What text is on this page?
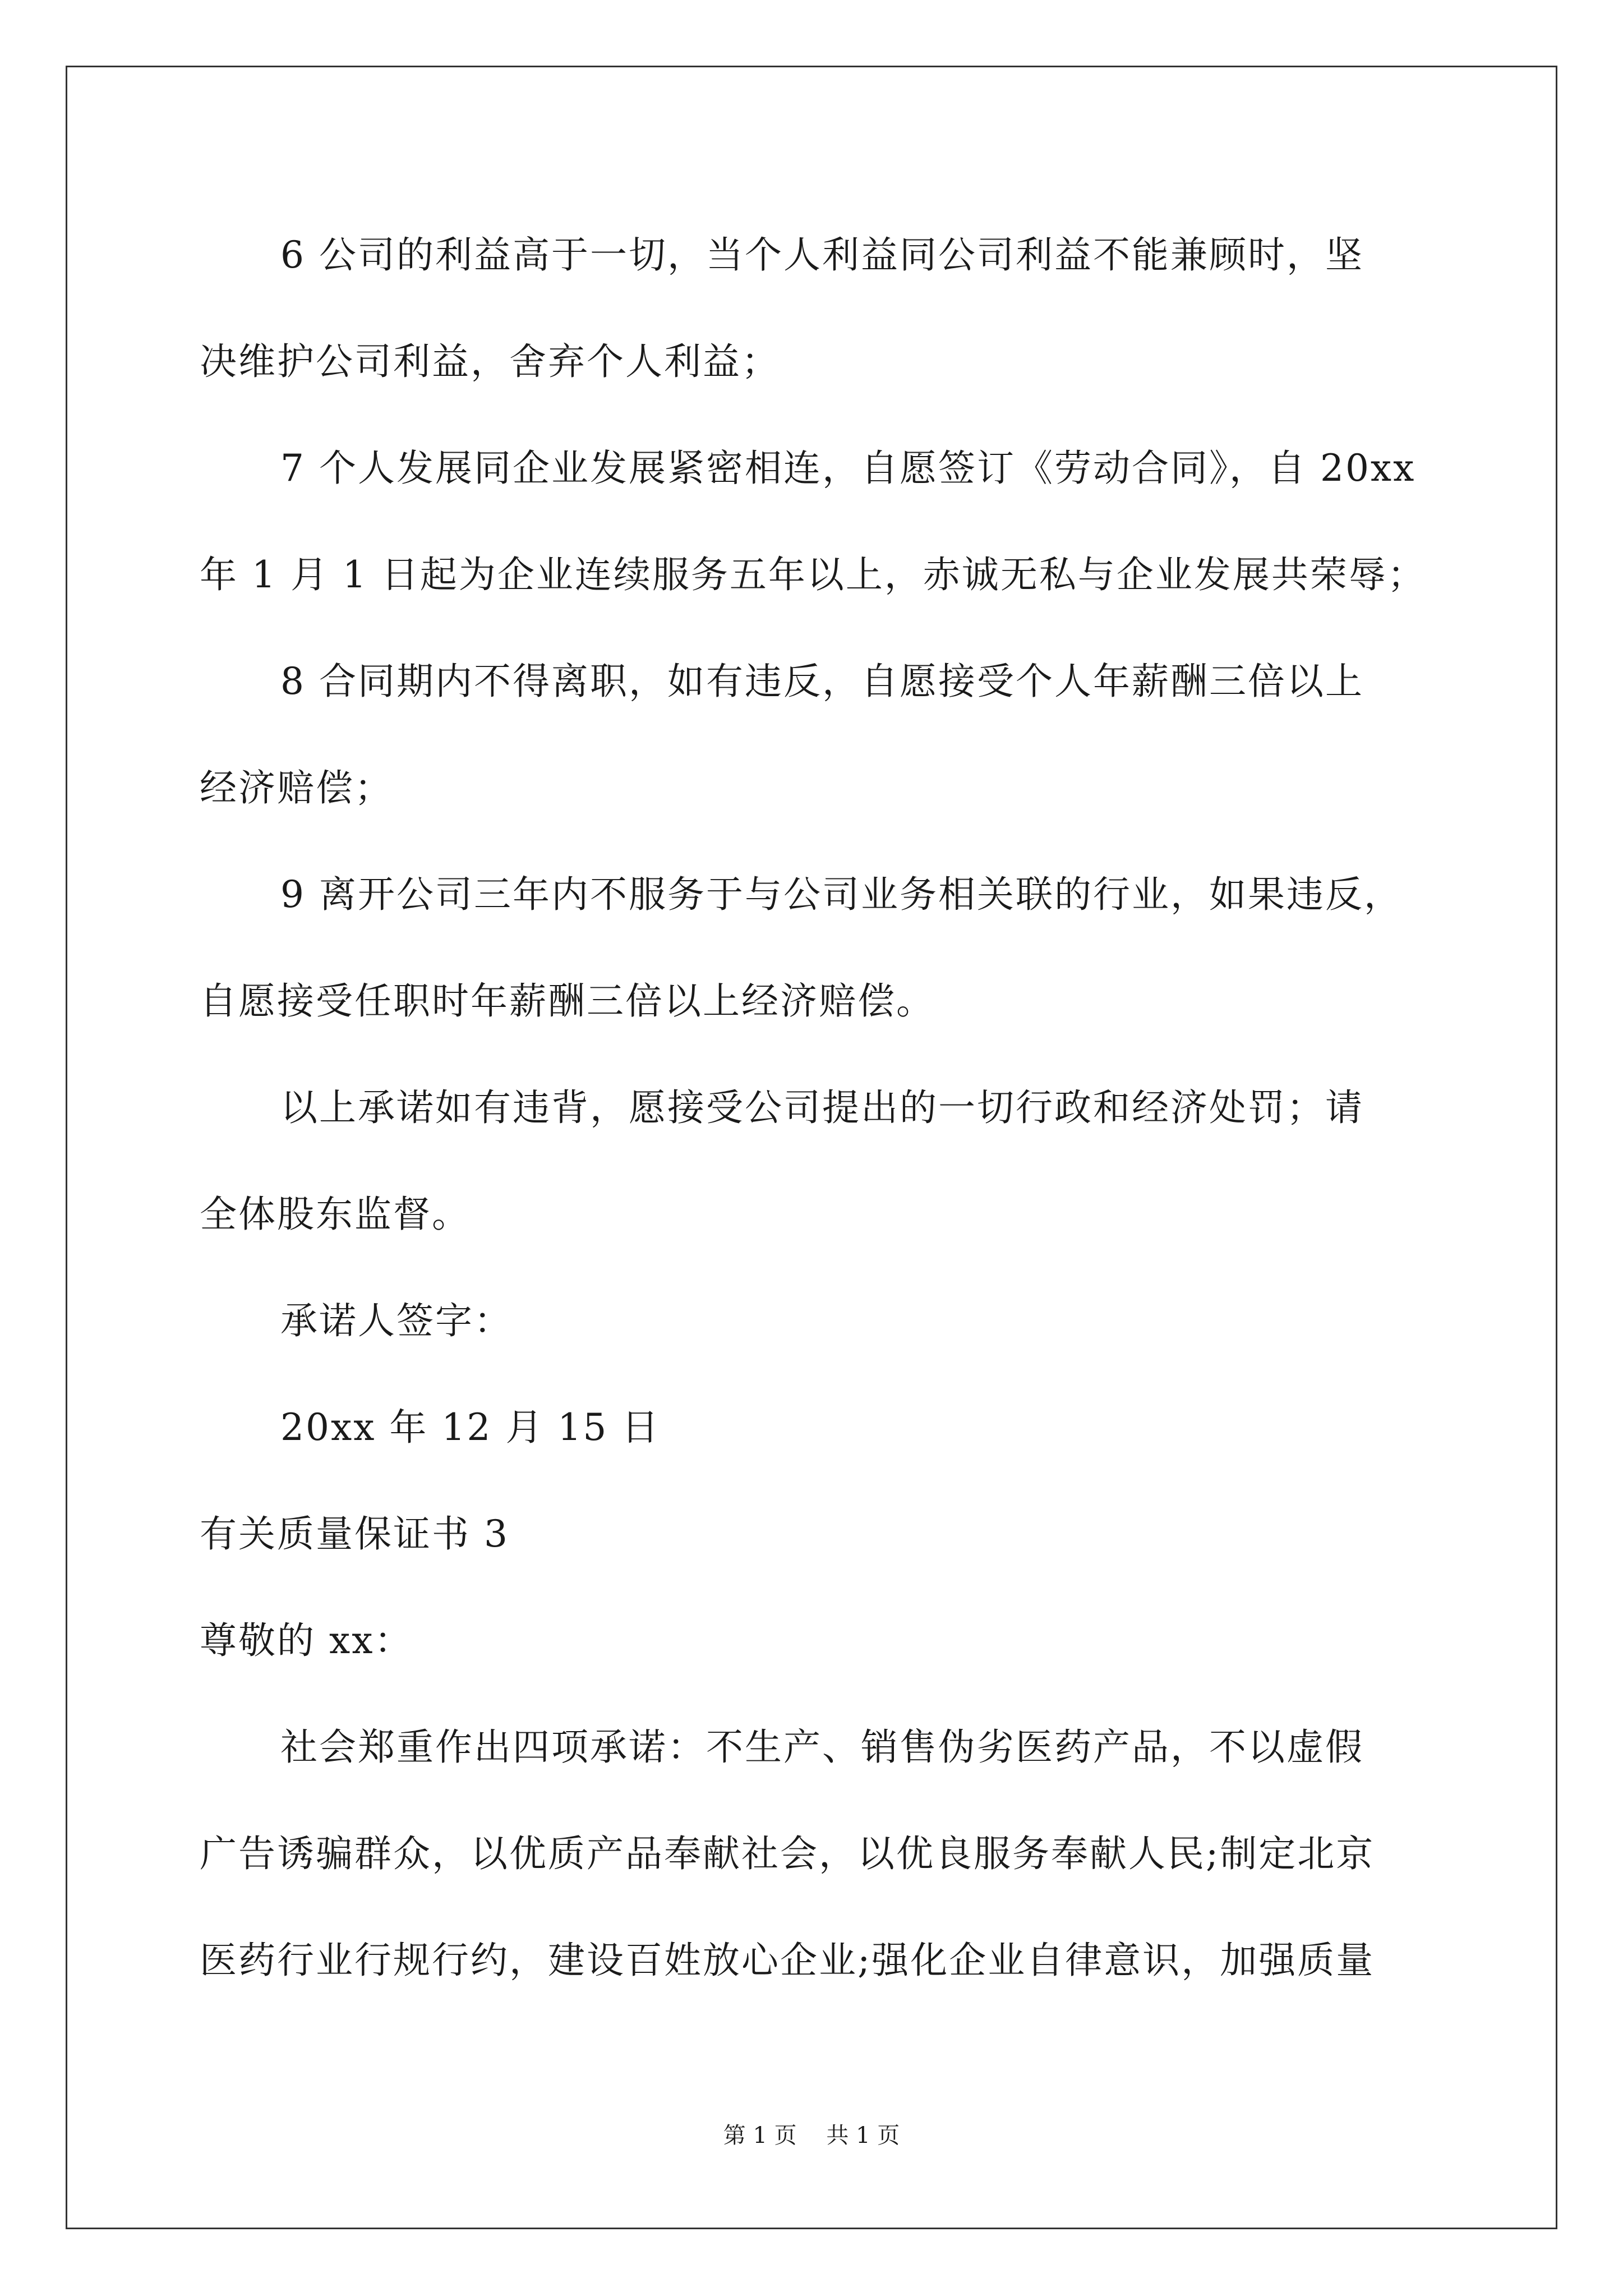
6 公司的利益高于一切，当个人利益同公司利益不能兼顾时，坚

决维护公司利益，舍弃个人利益；

7 个人发展同企业发展紧密相连，自愿签订《劳动合同》，自 20xx

年 1 月 1 日起为企业连续服务五年以上，赤诚无私与企业发展共荣辱；

8 合同期内不得离职，如有违反，自愿接受个人年薪酬三倍以上

经济赔偿；

9 离开公司三年内不服务于与公司业务相关联的行业，如果违反，

自愿接受任职时年薪酬三倍以上经济赔偿。

以上承诺如有违背，愿接受公司提出的一切行政和经济处罚；请

全体股东监督。

承诺人签字：

20xx 年 12 月 15 日

有关质量保证书 3

尊敬的 xx：

社会郑重作出四项承诺：不生产、销售伪劣医药产品，不以虚假

广告诱骗群众，以优质产品奉献社会，以优良服务奉献人民;制定北京

医药行业行规行约，建设百姓放心企业;强化企业自律意识，加强质量

第 1 页 共 1 页
